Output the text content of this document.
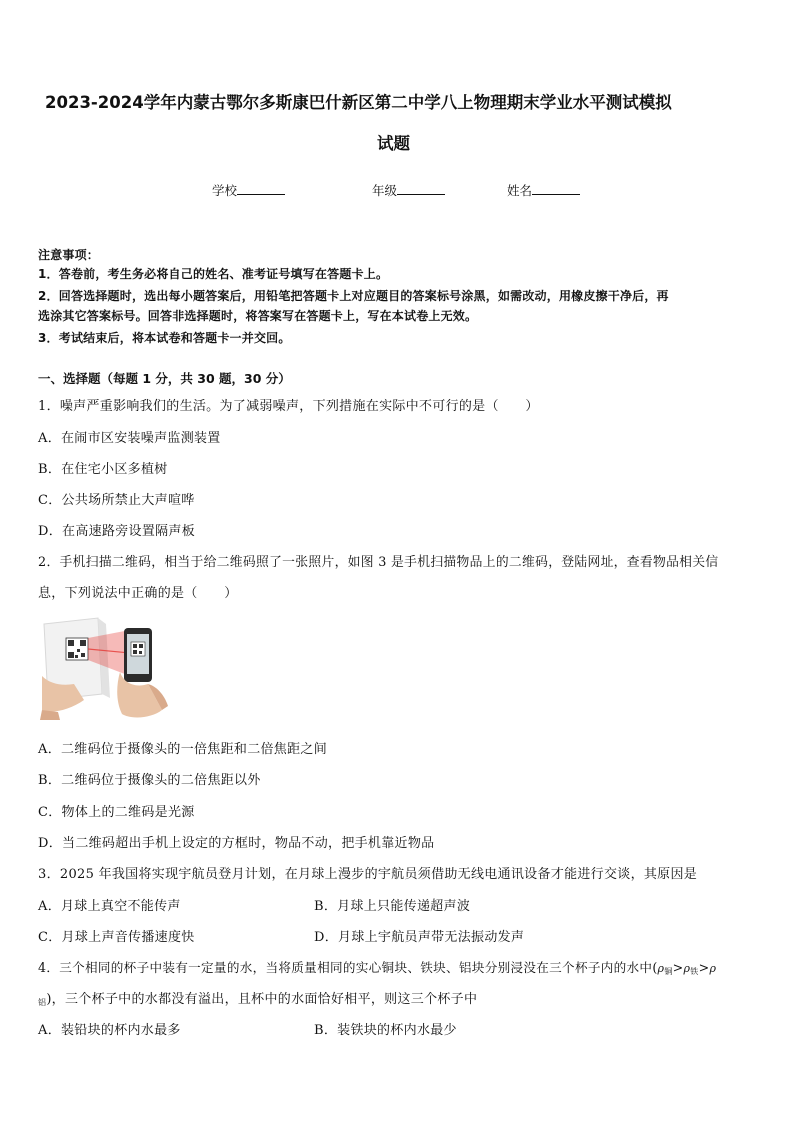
2023-2024学年内蒙古鄂尔多斯康巴什新区第二中学八上物理期末学业水平测试模拟
试题
学校	年级	姓名
注意事项：
1．答卷前，考生务必将自己的姓名、准考证号填写在答题卡上。
2．回答选择题时，选出每小题答案后，用铅笔把答题卡上对应题目的答案标号涂黑，如需改动，用橡皮擦干净后，再
选涂其它答案标号。回答非选择题时，将答案写在答题卡上，写在本试卷上无效。
3．考试结束后，将本试卷和答题卡一并交回。
一、选择题（每题 1 分，共 30 题，30 分）
1．噪声严重影响我们的生活。为了减弱噪声，下列措施在实际中不可行的是（　　）
A．在闹市区安装噪声监测装置
B．在住宅小区多植树
C．公共场所禁止大声喧哗
D．在高速路旁设置隔声板
2．手机扫描二维码，相当于给二维码照了一张照片，如图 3 是手机扫描物品上的二维码，登陆网址，查看物品相关信
息，下列说法中正确的是（　　）
A．二维码位于摄像头的一倍焦距和二倍焦距之间
B．二维码位于摄像头的二倍焦距以外
C．物体上的二维码是光源
D．当二维码超出手机上设定的方框时，物品不动，把手机靠近物品
3．2025 年我国将实现宇航员登月计划，在月球上漫步的宇航员须借助无线电通讯设备才能进行交谈，其原因是
A．月球上真空不能传声	B．月球上只能传递超声波
C．月球上声音传播速度快	D．月球上宇航员声带无法振动发声
4．三个相同的杯子中装有一定量的水，当将质量相同的实心铜块、铁块、铝块分别浸没在三个杯子内的水中($\rho_铜>\rho_铁>\rho$
$_铝$)，三个杯子中的水都没有溢出，且杯中的水面恰好相平，则这三个杯子中
A．装铅块的杯内水最多	B．装铁块的杯内水最少
